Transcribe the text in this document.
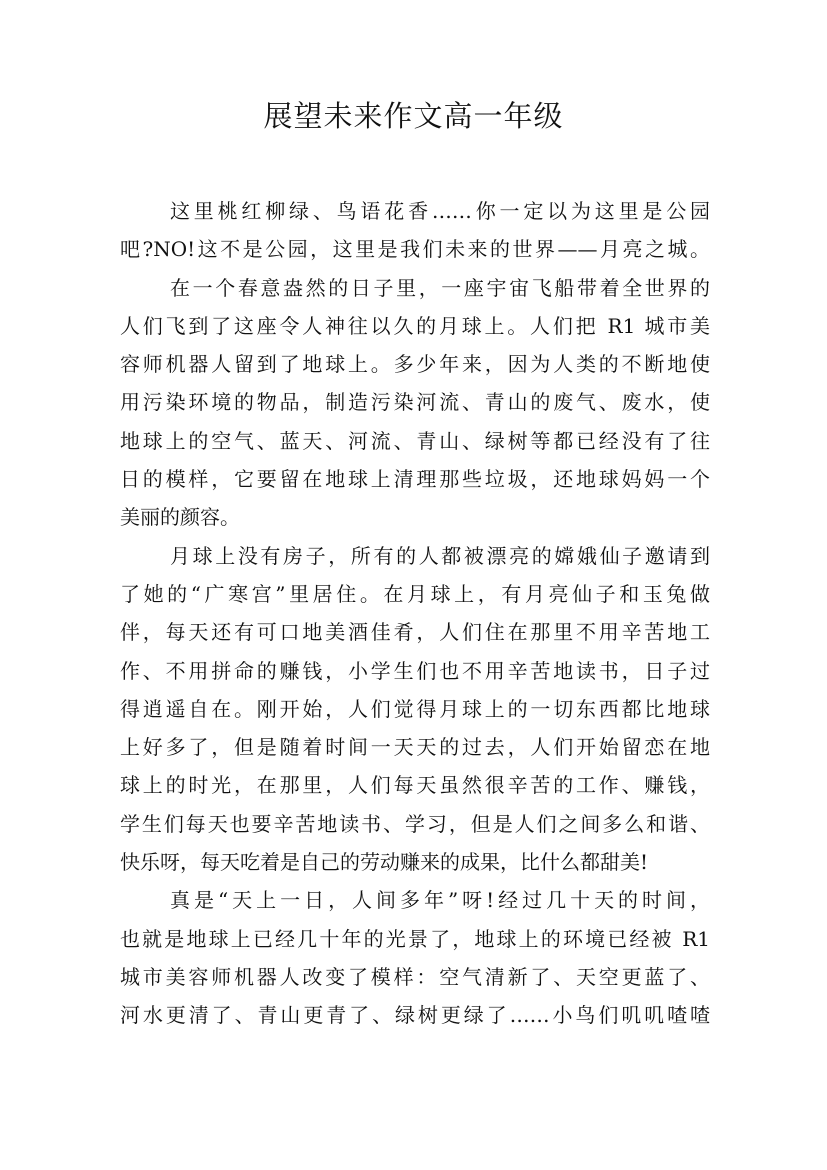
展望未来作文高一年级
这里桃红柳绿、鸟语花香……你一定以为这里是公园
吧?NO!这不是公园，这里是我们未来的世界——月亮之城。
在一个春意盎然的日子里，一座宇宙飞船带着全世界的
人们飞到了这座令人神往以久的月球上。人们把 R1 城市美
容师机器人留到了地球上。多少年来，因为人类的不断地使
用污染环境的物品，制造污染河流、青山的废气、废水，使
地球上的空气、蓝天、河流、青山、绿树等都已经没有了往
日的模样，它要留在地球上清理那些垃圾，还地球妈妈一个
美丽的颜容。
月球上没有房子，所有的人都被漂亮的嫦娥仙子邀请到
了她的“广寒宫”里居住。在月球上，有月亮仙子和玉兔做
伴，每天还有可口地美酒佳肴，人们住在那里不用辛苦地工
作、不用拼命的赚钱，小学生们也不用辛苦地读书，日子过
得逍遥自在。刚开始，人们觉得月球上的一切东西都比地球
上好多了，但是随着时间一天天的过去，人们开始留恋在地
球上的时光，在那里，人们每天虽然很辛苦的工作、赚钱，
学生们每天也要辛苦地读书、学习，但是人们之间多么和谐、
快乐呀，每天吃着是自己的劳动赚来的成果，比什么都甜美!
真是“天上一日，人间多年”呀!经过几十天的时间，
也就是地球上已经几十年的光景了，地球上的环境已经被 R1
城市美容师机器人改变了模样：空气清新了、天空更蓝了、
河水更清了、青山更青了、绿树更绿了……小鸟们叽叽喳喳
